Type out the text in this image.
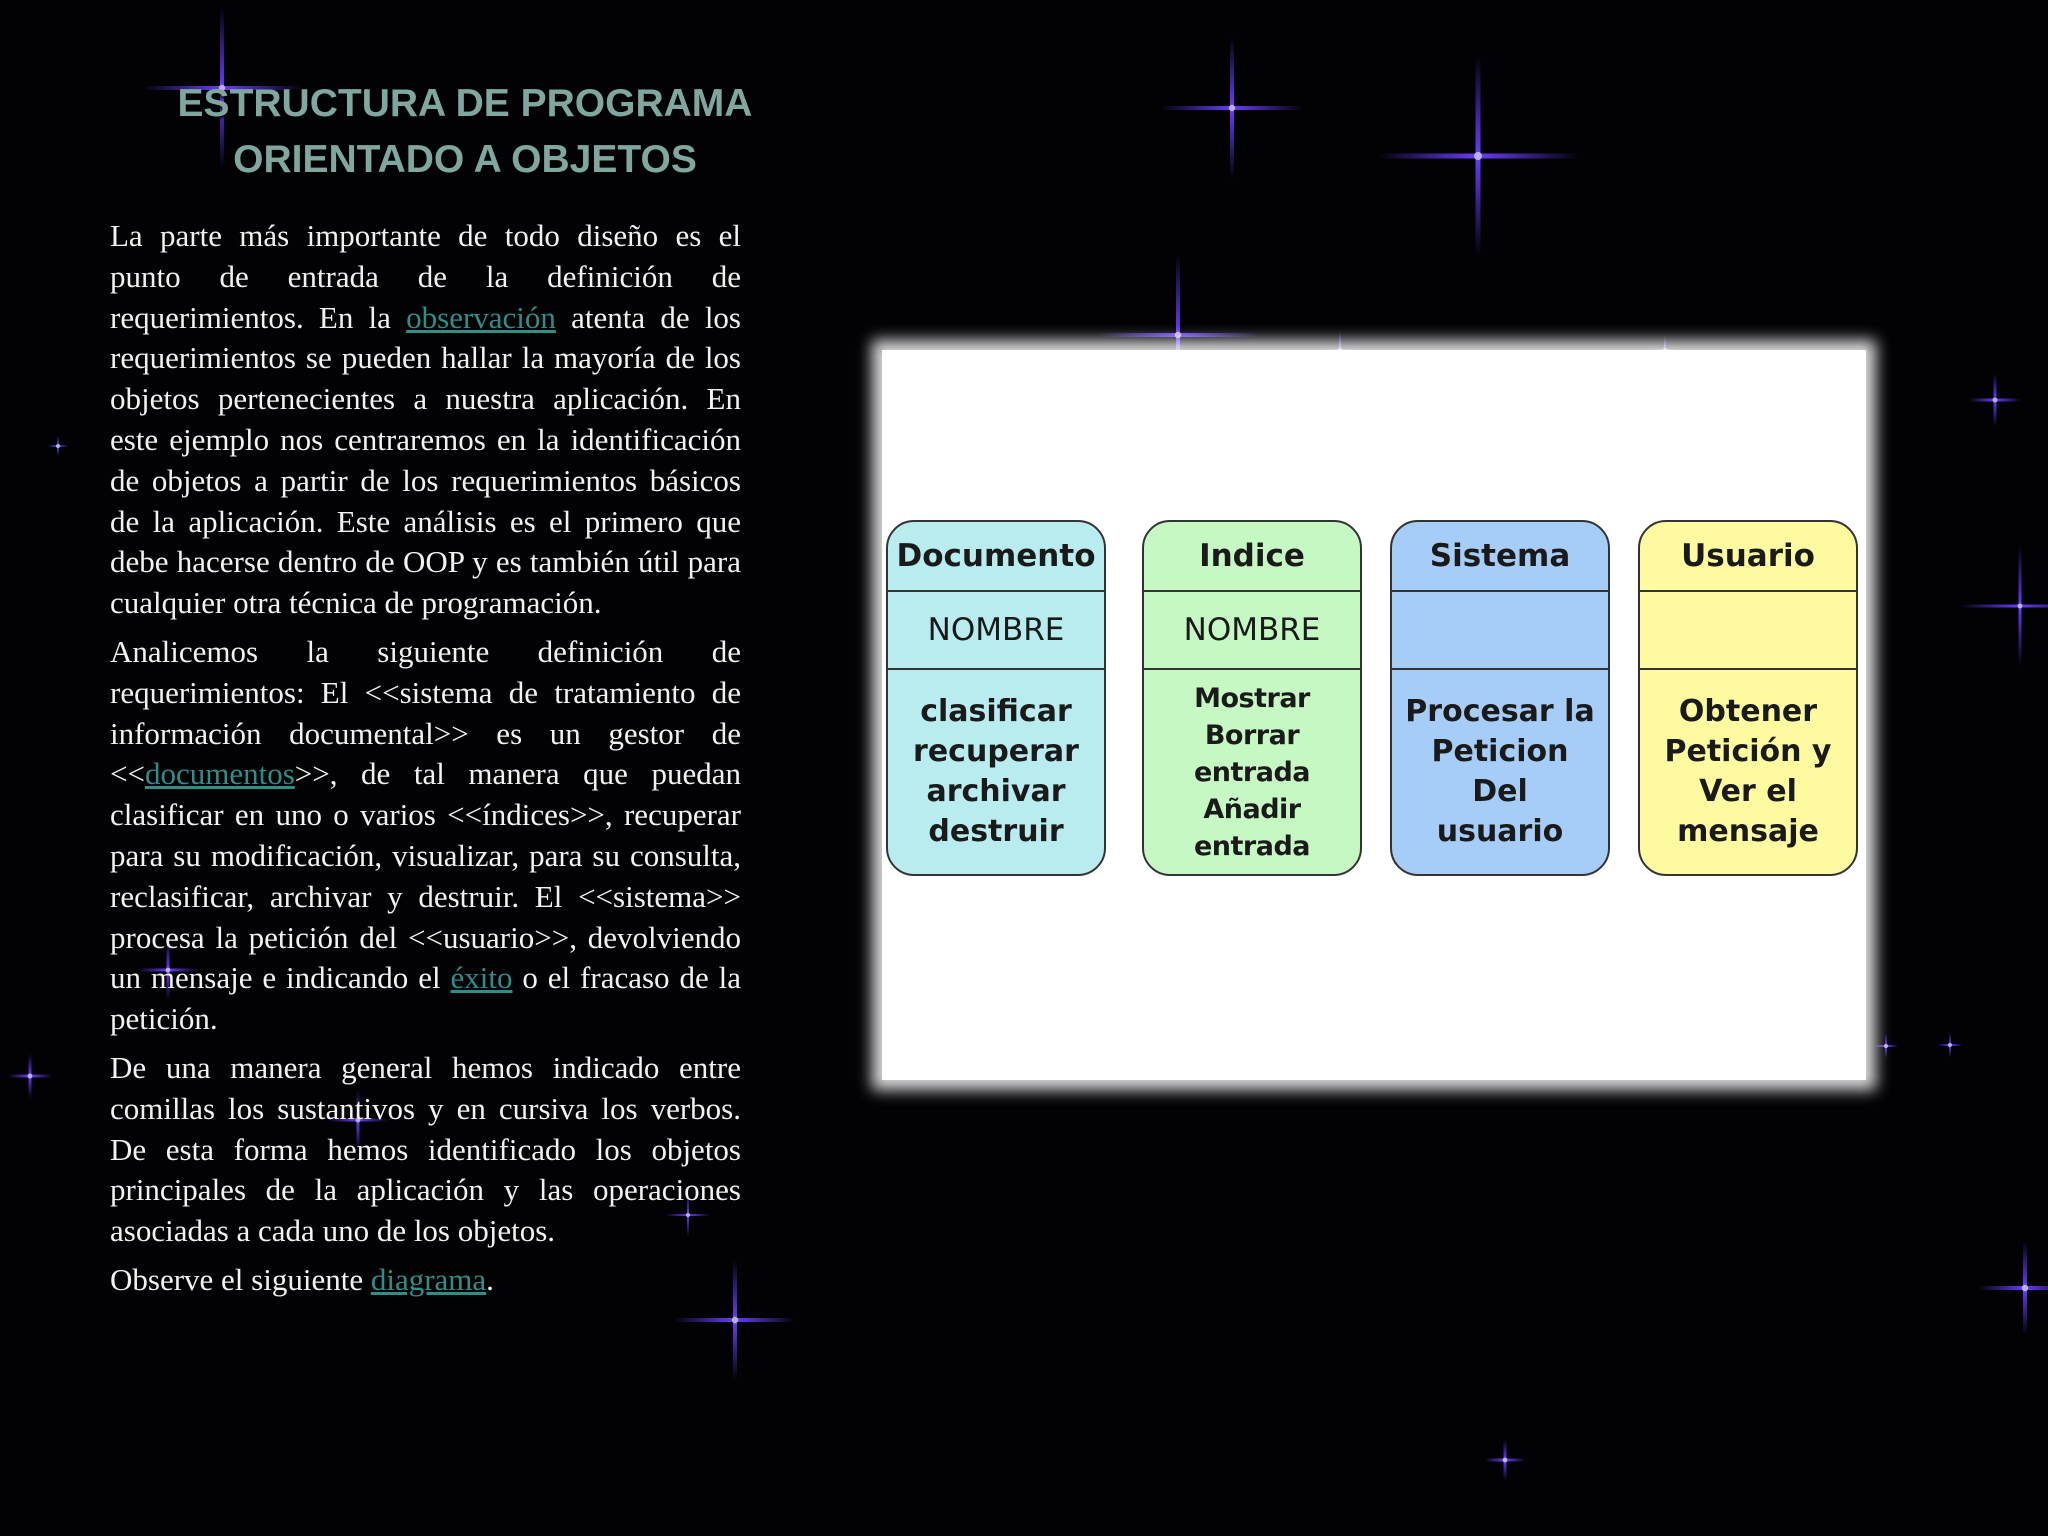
ESTRUCTURA DE PROGRAMA
ORIENTADO A OBJETOS

La parte más importante de todo diseño es el punto de entrada de la definición de requerimientos. En la observación atenta de los requerimientos se pueden hallar la mayoría de los objetos pertenecientes a nuestra aplicación. En este ejemplo nos centraremos en la identificación de objetos a partir de los requerimientos básicos de la aplicación. Este análisis es el primero que debe hacerse dentro de OOP y es también útil para cualquier otra técnica de programación.

Analicemos la siguiente definición de requerimientos: El <<sistema de tratamiento de información documental>> es un gestor de <<documentos>>, de tal manera que puedan clasificar en uno o varios <<índices>>, recuperar para su modificación, visualizar, para su consulta, reclasificar, archivar y destruir. El <<sistema>> procesa la petición del <<usuario>>, devolviendo un mensaje e indicando el éxito o el fracaso de la petición.

De una manera general hemos indicado entre comillas los sustantivos y en cursiva los verbos. De esta forma hemos identificado los objetos principales de la aplicación y las operaciones asociadas a cada uno de los objetos.

Observe el siguiente diagrama.

Documento
NOMBRE
clasificar
recuperar
archivar
destruir
Indice
NOMBRE
Mostrar
Borrar entrada
Añadir entrada
Sistema
Procesar la
Peticion
Del
usuario
Usuario
Obtener
Petición y
Ver el
mensaje
